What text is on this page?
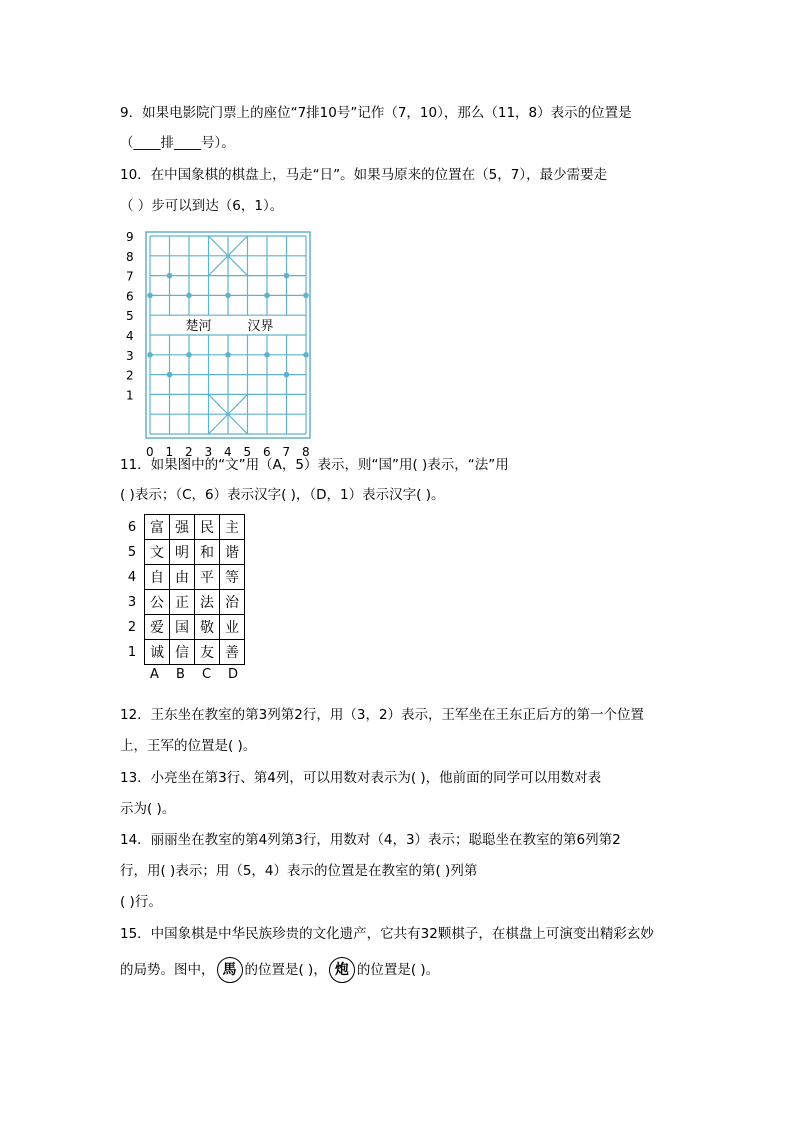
9．如果电影院门票上的座位“7排10号”记作（7，10），那么（11，8）表示的位置是
（____排____号）。
10．在中国象棋的棋盘上，马走“日”。如果马原来的位置在（5，7），最少需要走
（ ）步可以到达（6，1）。
楚河	汉界
9
8
7
6
5
4
3
2
1
0 1 2 3 4 5 6 7 8
11．如果图中的“文”用（A，5）表示，则“国”用( )表示，“法”用
( )表示；（C，6）表示汉字( )，（D，1）表示汉字( )。
6	富	强	民	主
5	文	明	和	谐
4	自	由	平	等
3	公	正	法	治
2	爱	国	敬	业
1	诚	信	友	善
A B C D
12．王东坐在教室的第3列第2行，用（3，2）表示，王军坐在王东正后方的第一个位置
上，王军的位置是( )。
13．小亮坐在第3行、第4列，可以用数对表示为( )，他前面的同学可以用数对表
示为( )。
14．丽丽坐在教室的第4列第3行，用数对（4，3）表示；聪聪坐在教室的第6列第2
行，用( )表示；用（5，4）表示的位置是在教室的第( )列第
( )行。
15．中国象棋是中华民族珍贵的文化遗产，它共有32颗棋子，在棋盘上可演变出精彩玄妙
的局势。图中， 馬 的位置是( )， 炮 的位置是( )。
